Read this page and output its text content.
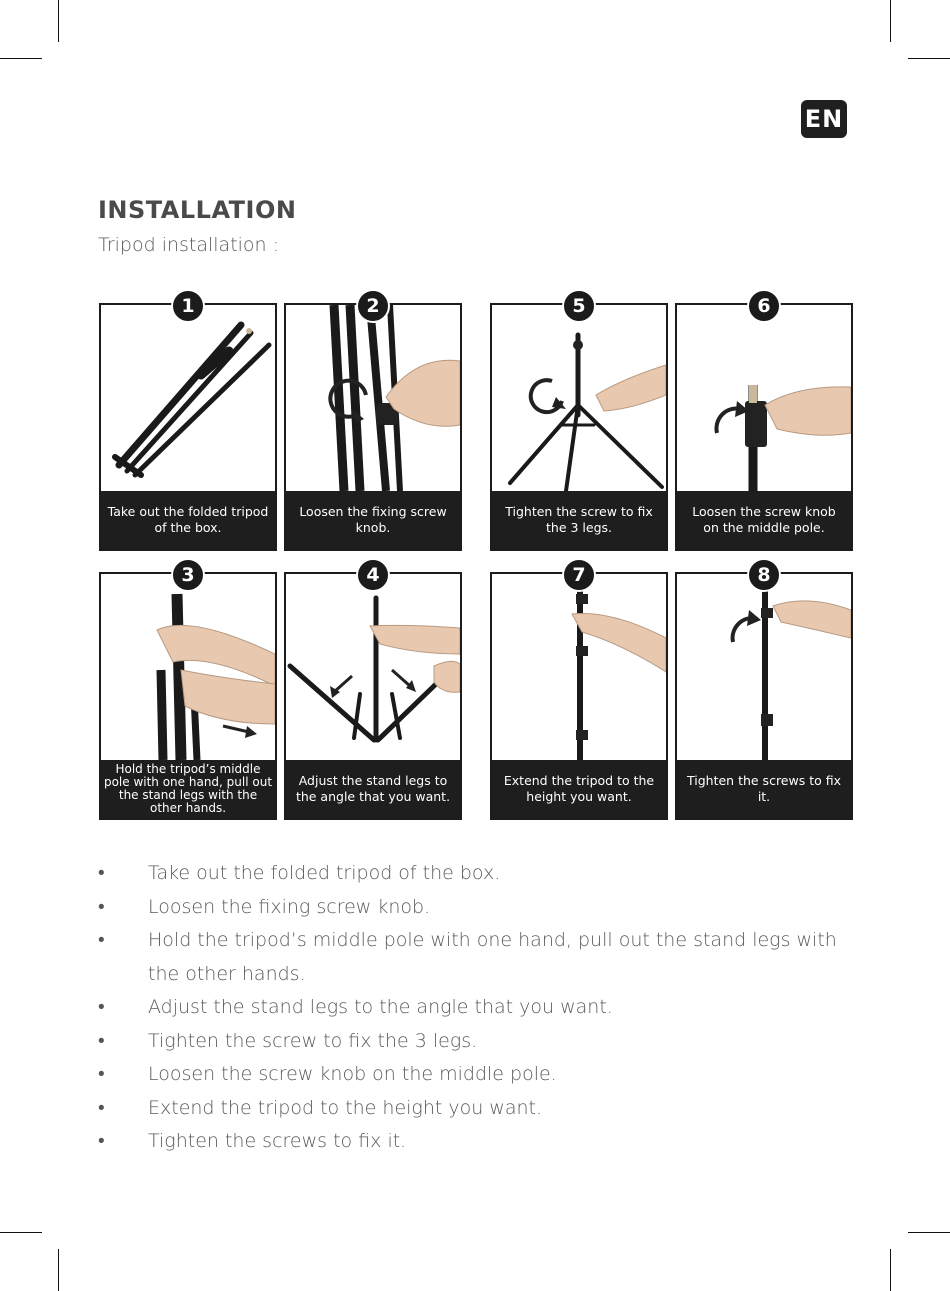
EN
INSTALLATION
Tripod installation :
Take out the folded tripod of the box.
1
Loosen the fixing screw knob.
2
Tighten the screw to fix the 3 legs.
5
Loosen the screw knob on the middle pole.
6
Hold the tripod’s middle pole with one hand, pull out the stand legs with the other hands.
3
Adjust the stand legs to the angle that you want.
4
Extend the tripod to the height you want.
7
Tighten the screws to fix it.
8
• Take out the folded tripod of the box.
• Loosen the fixing screw knob.
• Hold the tripod’s middle pole with one hand, pull out the stand legs with the other hands.
• Adjust the stand legs to the angle that you want.
• Tighten the screw to fix the 3 legs.
• Loosen the screw knob on the middle pole.
• Extend the tripod to the height you want.
• Tighten the screws to fix it.
